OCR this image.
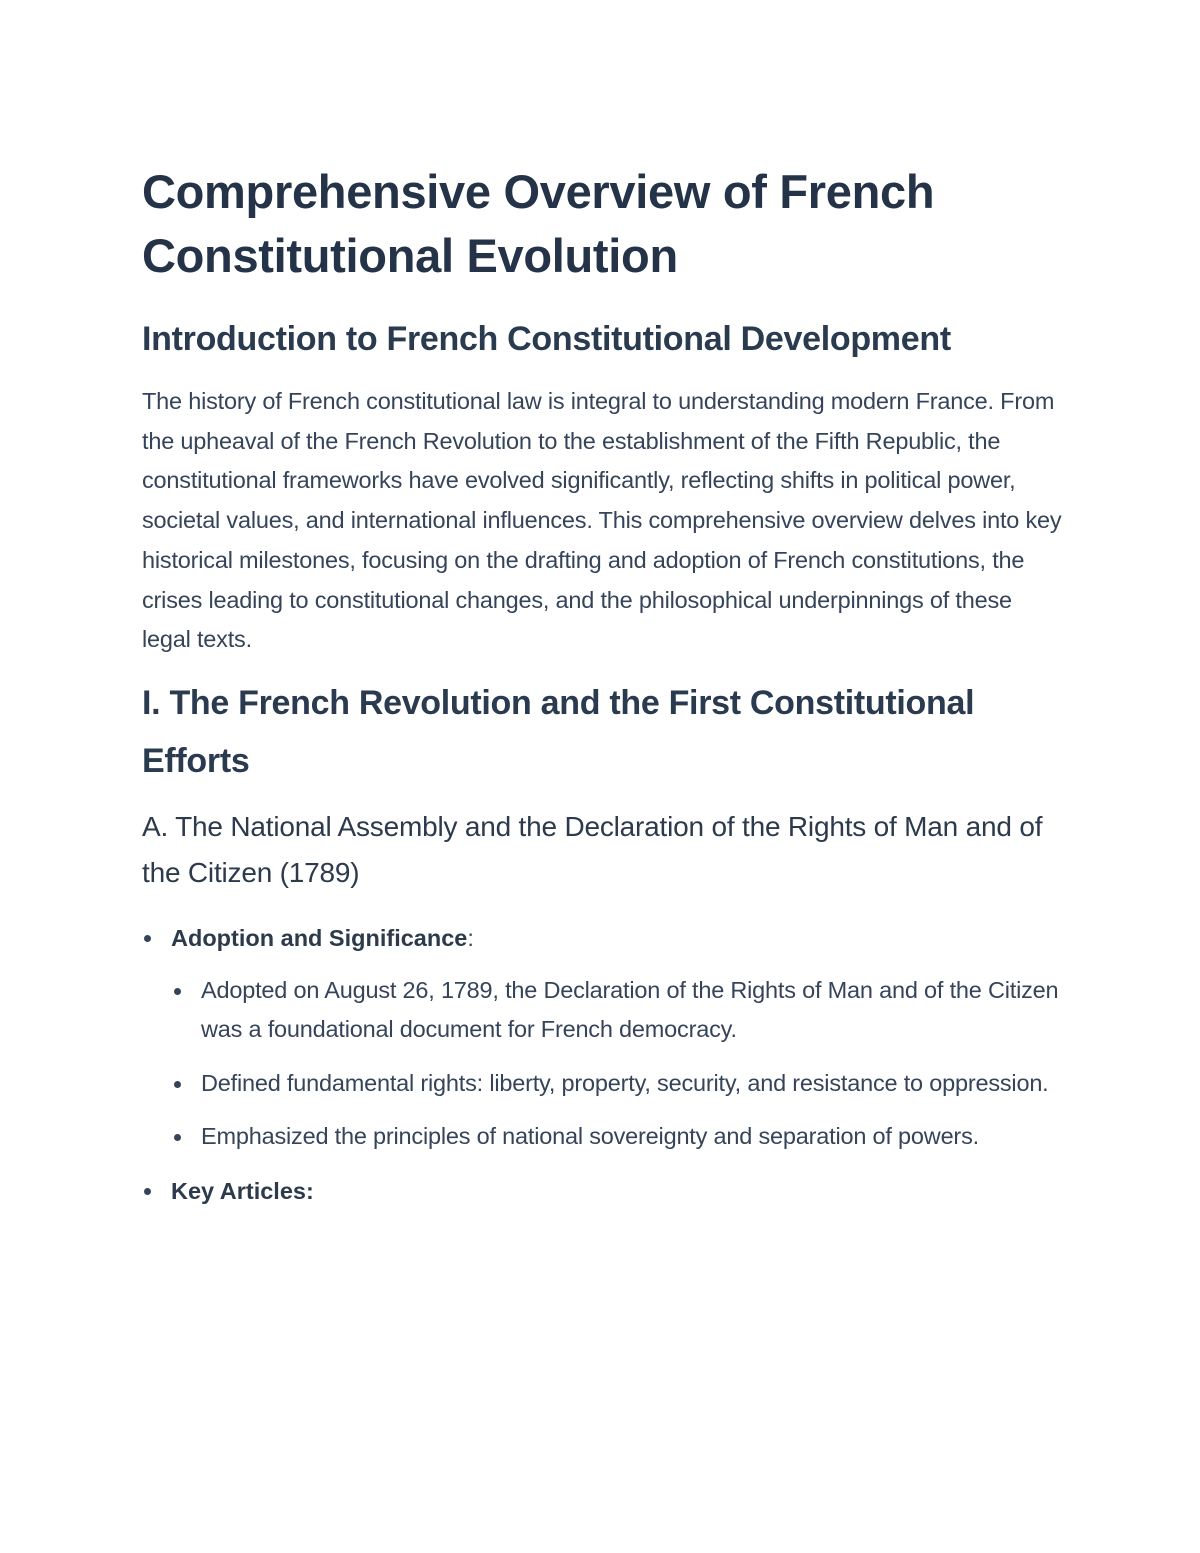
Comprehensive Overview of French Constitutional Evolution
Introduction to French Constitutional Development

The history of French constitutional law is integral to understanding modern France. From the upheaval of the French Revolution to the establishment of the Fifth Republic, the constitutional frameworks have evolved significantly, reflecting shifts in political power, societal values, and international influences. This comprehensive overview delves into key historical milestones, focusing on the drafting and adoption of French constitutions, the crises leading to constitutional changes, and the philosophical underpinnings of these legal texts.

I. The French Revolution and the First Constitutional Efforts
A. The National Assembly and the Declaration of the Rights of Man and of the Citizen (1789)
Adoption and Significance:
Adopted on August 26, 1789, the Declaration of the Rights of Man and of the Citizen was a foundational document for French democracy.
Defined fundamental rights: liberty, property, security, and resistance to oppression.
Emphasized the principles of national sovereignty and separation of powers.
Key Articles:
